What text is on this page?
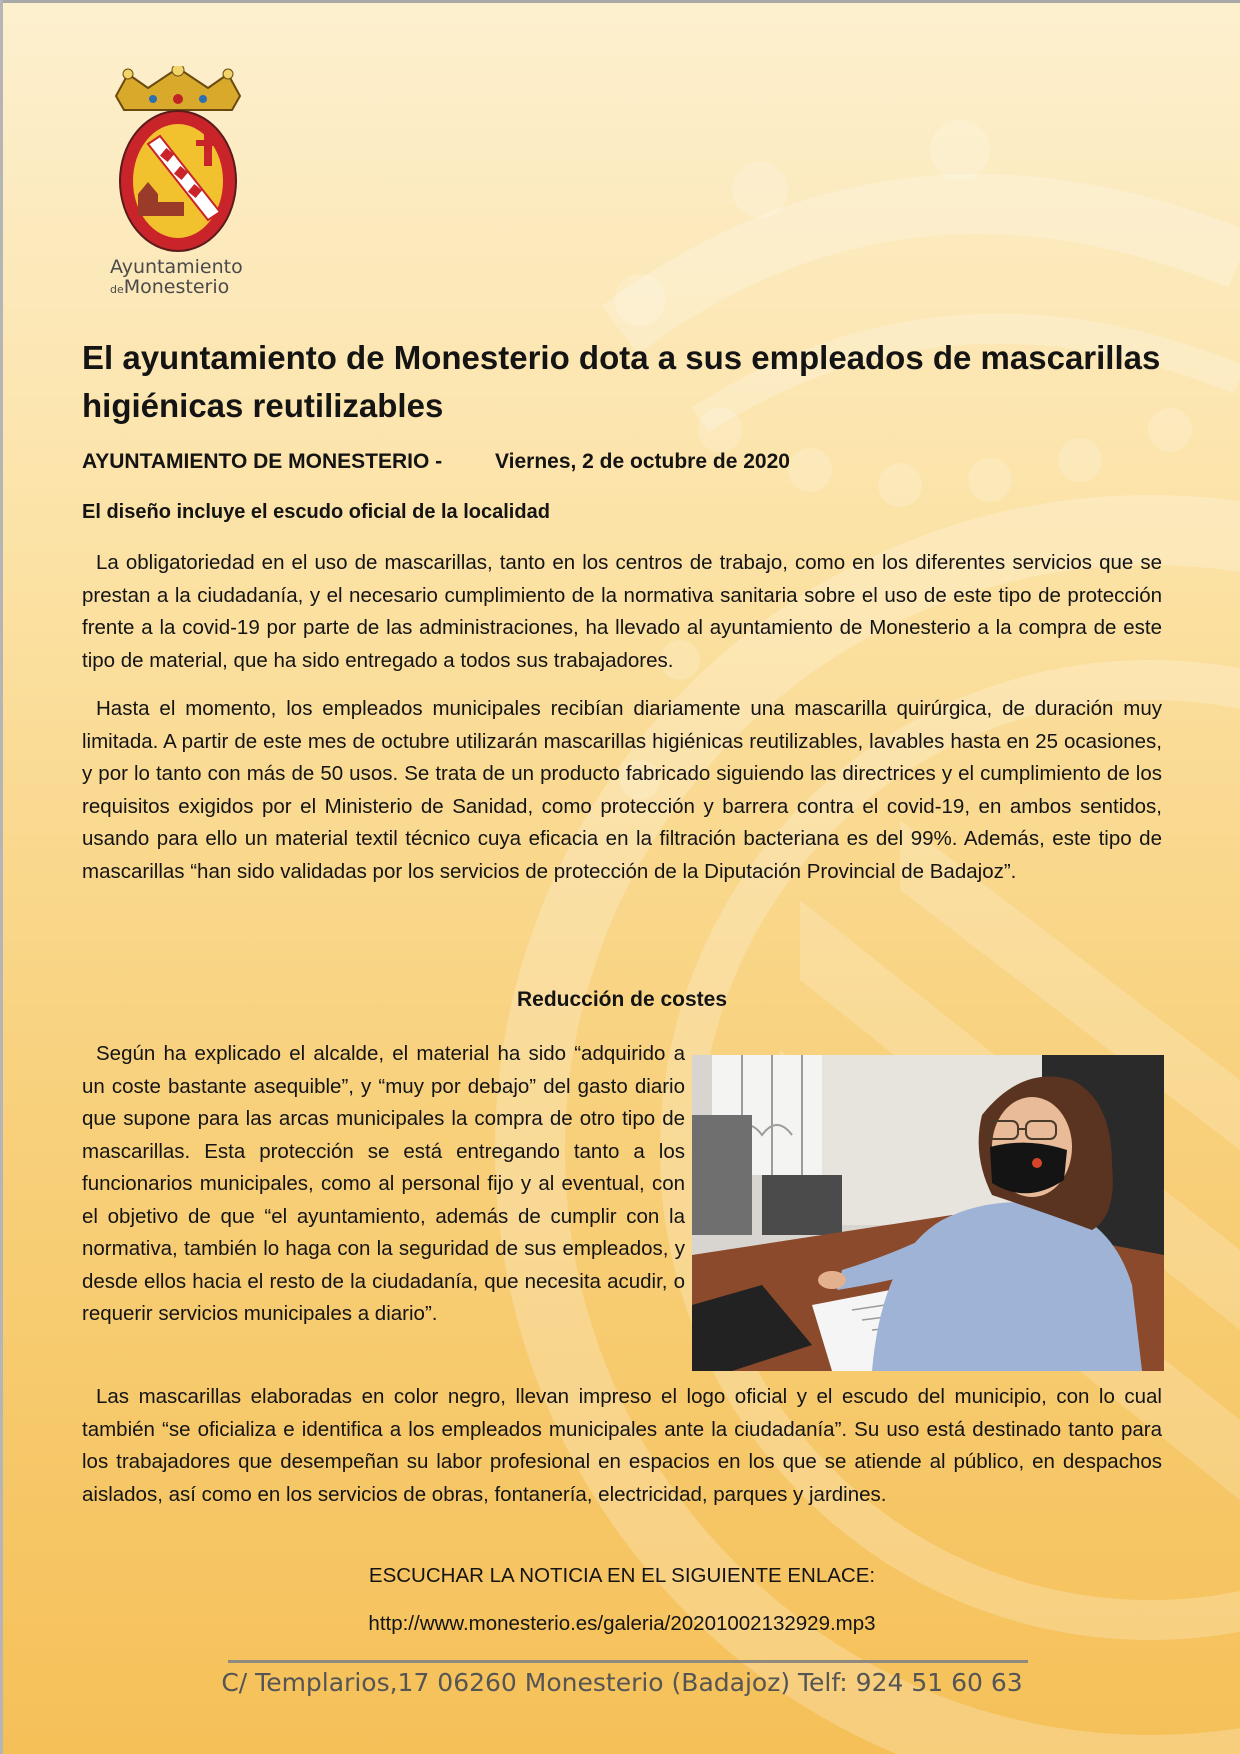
Ayuntamiento
deMonesterio
El ayuntamiento de Monesterio dota a sus empleados de mascarillas higiénicas reutilizables
AYUNTAMIENTO DE MONESTERIO -	Viernes, 2 de octubre de 2020
El diseño incluye el escudo oficial de la localidad

La obligatoriedad en el uso de mascarillas, tanto en los centros de trabajo, como en los diferentes servicios que se prestan a la ciudadanía, y el necesario cumplimiento de la normativa sanitaria sobre el uso de este tipo de protección frente a la covid-19 por parte de las administraciones, ha llevado al ayuntamiento de Monesterio a la compra de este tipo de material, que ha sido entregado a todos sus trabajadores.

Hasta el momento, los empleados municipales recibían diariamente una mascarilla quirúrgica, de duración muy limitada. A partir de este mes de octubre utilizarán mascarillas higiénicas reutilizables, lavables hasta en 25 ocasiones, y por lo tanto con más de 50 usos. Se trata de un producto fabricado siguiendo las directrices y el cumplimiento de los requisitos exigidos por el Ministerio de Sanidad, como protección y barrera contra el covid-19, en ambos sentidos, usando para ello un material textil técnico cuya eficacia en la filtración bacteriana es del 99%. Además, este tipo de mascarillas “han sido validadas por los servicios de protección de la Diputación Provincial de Badajoz”.

Reducción de costes

Según ha explicado el alcalde, el material ha sido “adquirido a un coste bastante asequible”, y “muy por debajo” del gasto diario que supone para las arcas municipales la compra de otro tipo de mascarillas. Esta protección se está entregando tanto a los funcionarios municipales, como al personal fijo y al eventual, con el objetivo de que “el ayuntamiento, además de cumplir con la normativa, también lo haga con la seguridad de sus empleados, y desde ellos hacia el resto de la ciudadanía, que necesita acudir, o requerir servicios municipales a diario”.

Las mascarillas elaboradas en color negro, llevan impreso el logo oficial y el escudo del municipio, con lo cual también “se oficializa e identifica a los empleados municipales ante la ciudadanía”. Su uso está destinado tanto para los trabajadores que desempeñan su labor profesional en espacios en los que se atiende al público, en despachos aislados, así como en los servicios de obras, fontanería, electricidad, parques y jardines.

ESCUCHAR LA NOTICIA EN EL SIGUIENTE ENLACE:
http://www.monesterio.es/galeria/20201002132929.mp3
C/ Templarios,17 06260 Monesterio (Badajoz) Telf: 924 51 60 63
